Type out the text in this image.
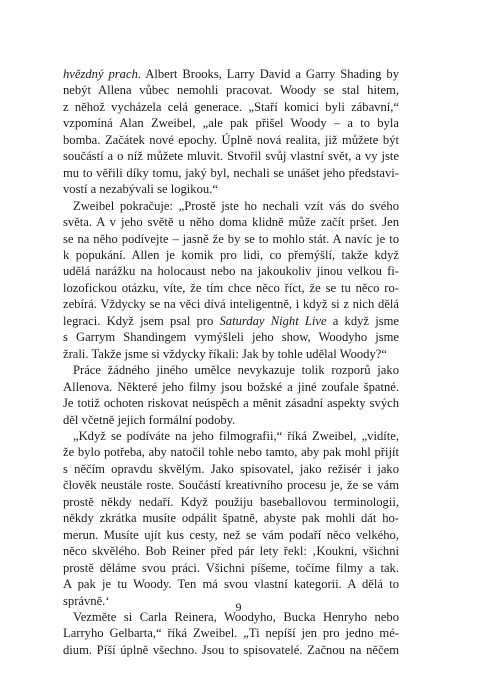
hvězdný prach. Albert Brooks, Larry David a Garry Shading by
nebýt Allena vůbec nemohli pracovat. Woody se stal hitem,
z něhož vycházela celá generace. „Staří komici byli zábavní,“
vzpomíná Alan Zweibel, „ale pak přišel Woody – a to byla
bomba. Začátek nové epochy. Úplně nová realita, již můžete být
součástí a o níž můžete mluvit. Stvořil svůj vlastní svět, a vy jste
mu to věřili díky tomu, jaký byl, nechali se unášet jeho představi-
vostí a nezabývali se logikou.“

Zweibel pokračuje: „Prostě jste ho nechali vzít vás do svého
světa. A v jeho světě u něho doma klidně může začít pršet. Jen
se na něho podívejte – jasně že by se to mohlo stát. A navíc je to
k popukání. Allen je komik pro lidi, co přemýšlí, takže když
udělá narážku na holocaust nebo na jakoukoliv jinou velkou fi-
lozofickou otázku, víte, že tím chce něco říct, že se tu něco ro-
zebírá. Vždycky se na věci dívá inteligentně, i když si z nich dělá
legraci. Když jsem psal pro Saturday Night Live a když jsme
s Garrym Shandingem vymýšleli jeho show, Woodyho jsme
žrali. Takže jsme si vždycky říkali: Jak by tohle udělal Woody?“

Práce žádného jiného umělce nevykazuje tolik rozporů jako
Allenova. Některé jeho filmy jsou božské a jiné zoufale špatné.
Je totiž ochoten riskovat neúspěch a měnit zásadní aspekty svých
děl včetně jejich formální podoby.

„Když se podíváte na jeho filmografii,“ říká Zweibel, „vidíte,
že bylo potřeba, aby natočil tohle nebo tamto, aby pak mohl přijít
s něčím opravdu skvělým. Jako spisovatel, jako režisér i jako
člověk neustále roste. Součástí kreativního procesu je, že se vám
prostě někdy nedaří. Když použiju baseballovou terminologii,
někdy zkrátka musíte odpálit špatně, abyste pak mohli dát ho-
merun. Musíte ujít kus cesty, než se vám podaří něco velkého,
něco skvělého. Bob Reiner před pár lety řekl: ‚Koukni, všichni
prostě děláme svou práci. Všichni píšeme, točíme filmy a tak.
A pak je tu Woody. Ten má svou vlastní kategorii. A dělá to
správně.‘

Vezměte si Carla Reinera, Woodyho, Bucka Henryho nebo
Larryho Gelbarta,“ říká Zweibel. „Ti nepíší jen pro jedno mé-
dium. Píší úplně všechno. Jsou to spisovatelé. Začnou na něčem

9
